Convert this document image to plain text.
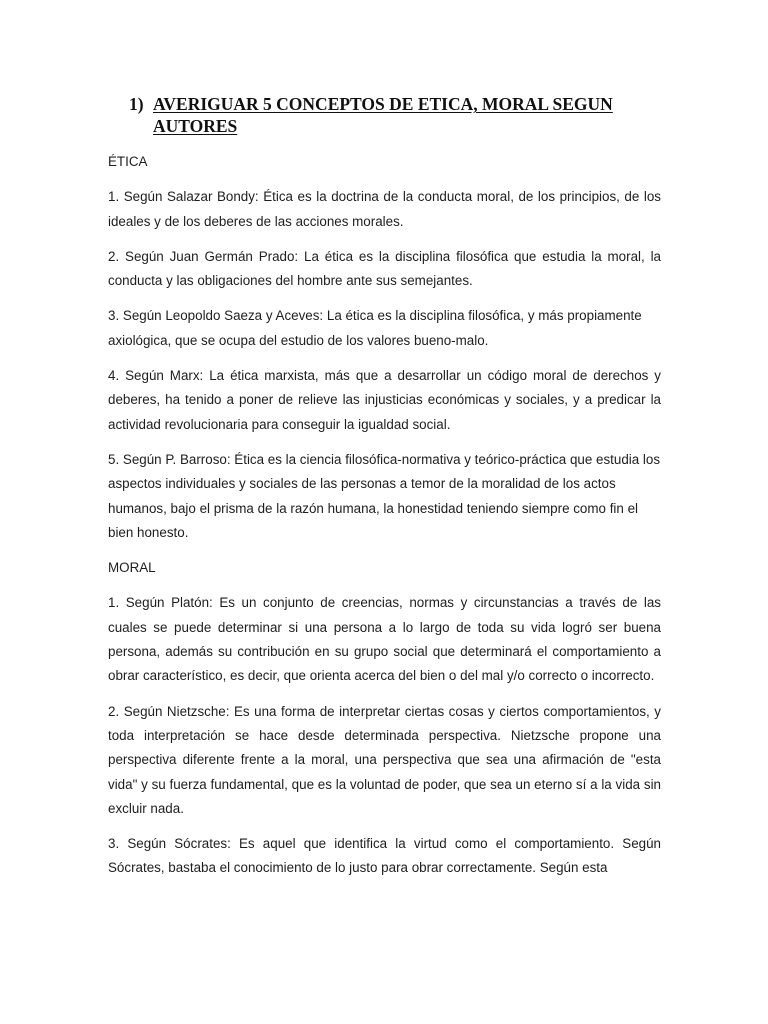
1) AVERIGUAR 5 CONCEPTOS DE ETICA, MORAL SEGUN AUTORES

ÉTICA

1. Según Salazar Bondy: Ética es la doctrina de la conducta moral, de los principios, de los ideales y de los deberes de las acciones morales.

2. Según Juan Germán Prado: La ética es la disciplina filosófica que estudia la moral, la conducta y las obligaciones del hombre ante sus semejantes.

3. Según Leopoldo Saeza y Aceves: La ética es la disciplina filosófica, y más propiamente axiológica, que se ocupa del estudio de los valores bueno-malo.

4. Según Marx: La ética marxista, más que a desarrollar un código moral de derechos y deberes, ha tenido a poner de relieve las injusticias económicas y sociales, y a predicar la actividad revolucionaria para conseguir la igualdad social.

5. Según P. Barroso: Ética es la ciencia filosófica-normativa y teórico-práctica que estudia los aspectos individuales y sociales de las personas a temor de la moralidad de los actos humanos, bajo el prisma de la razón humana, la honestidad teniendo siempre como fin el bien honesto.

MORAL

1. Según Platón: Es un conjunto de creencias, normas y circunstancias a través de las cuales se puede determinar si una persona a lo largo de toda su vida logró ser buena persona, además su contribución en su grupo social que determinará el comportamiento a obrar característico, es decir, que orienta acerca del bien o del mal y/o correcto o incorrecto.

2. Según Nietzsche: Es una forma de interpretar ciertas cosas y ciertos comportamientos, y toda interpretación se hace desde determinada perspectiva. Nietzsche propone una perspectiva diferente frente a la moral, una perspectiva que sea una afirmación de "esta vida" y su fuerza fundamental, que es la voluntad de poder, que sea un eterno sí a la vida sin excluir nada.

3. Según Sócrates: Es aquel que identifica la virtud como el comportamiento. Según Sócrates, bastaba el conocimiento de lo justo para obrar correctamente. Según esta
